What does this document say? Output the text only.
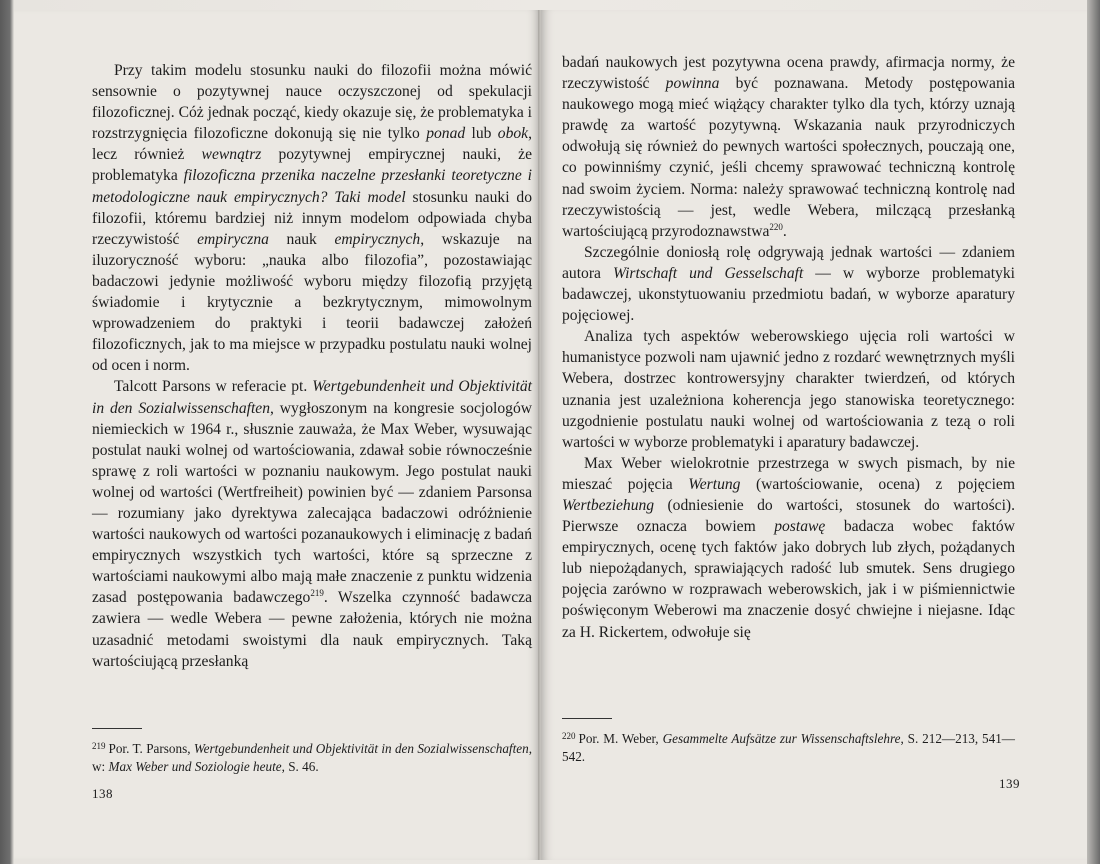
Przy takim modelu stosunku nauki do filozofii można mówić sensownie o pozytywnej nauce oczyszczonej od spekulacji filozoficznej. Cóż jednak począć, kiedy okazuje się, że problematyka i rozstrzygnięcia filozoficzne dokonują się nie tylko ponad lub obok, lecz również wewnątrz pozytywnej empirycznej nauki, że problematyka filozoficzna przenika naczelne przesłanki teoretyczne i metodologiczne nauk empirycznych? Taki model stosunku nauki do filozofii, któremu bardziej niż innym modelom odpowiada chyba rzeczywistość empiryczna nauk empirycznych, wskazuje na iluzoryczność wyboru: „nauka albo filozofia”, pozostawiając badaczowi jedynie możliwość wyboru między filozofią przyjętą świadomie i krytycznie a bezkrytycznym, mimowolnym wprowadzeniem do praktyki i teorii badawczej założeń filozoficznych, jak to ma miejsce w przypadku postulatu nauki wolnej od ocen i norm.

Talcott Parsons w referacie pt. Wertgebundenheit und Objektivität in den Sozialwissenschaften, wygłoszonym na kongresie socjologów niemieckich w 1964 r., słusznie zauważa, że Max Weber, wysuwając postulat nauki wolnej od wartościowania, zdawał sobie równocześnie sprawę z roli wartości w poznaniu naukowym. Jego postulat nauki wolnej od wartości (Wertfreiheit) powinien być — zdaniem Parsonsa — rozumiany jako dyrektywa zalecająca badaczowi odróżnienie wartości naukowych od wartości pozanaukowych i eliminację z badań empirycznych wszystkich tych wartości, które są sprzeczne z wartościami naukowymi albo mają małe znaczenie z punktu widzenia zasad postępowania badawczego$^{219}$. Wszelka czynność badawcza zawiera — wedle Webera — pewne założenia, których nie można uzasadnić metodami swoistymi dla nauk empirycznych. Taką wartościującą przesłanką

$^{219}$ Por. T. Parsons, Wertgebundenheit und Objektivität in den Sozialwissenschaften, w: Max Weber und Soziologie heute, S. 46.
138

badań naukowych jest pozytywna ocena prawdy, afirmacja normy, że rzeczywistość powinna być poznawana. Metody postępowania naukowego mogą mieć wiążący charakter tylko dla tych, którzy uznają prawdę za wartość pozytywną. Wskazania nauk przyrodniczych odwołują się również do pewnych wartości społecznych, pouczają one, co powinniśmy czynić, jeśli chcemy sprawować techniczną kontrolę nad swoim życiem. Norma: należy sprawować techniczną kontrolę nad rzeczywistością — jest, wedle Webera, milczącą przesłanką wartościującą przyrodoznawstwa$^{220}$.

Szczególnie doniosłą rolę odgrywają jednak wartości — zdaniem autora Wirtschaft und Gesselschaft — w wyborze problematyki badawczej, ukonstytuowaniu przedmiotu badań, w wyborze aparatury pojęciowej.

Analiza tych aspektów weberowskiego ujęcia roli wartości w humanistyce pozwoli nam ujawnić jedno z rozdarć wewnętrznych myśli Webera, dostrzec kontrowersyjny charakter twierdzeń, od których uznania jest uzależniona koherencja jego stanowiska teoretycznego: uzgodnienie postulatu nauki wolnej od wartościowania z tezą o roli wartości w wyborze problematyki i aparatury badawczej.

Max Weber wielokrotnie przestrzega w swych pismach, by nie mieszać pojęcia Wertung (wartościowanie, ocena) z pojęciem Wertbeziehung (odniesienie do wartości, stosunek do wartości). Pierwsze oznacza bowiem postawę badacza wobec faktów empirycznych, ocenę tych faktów jako dobrych lub złych, pożądanych lub niepożądanych, sprawiających radość lub smutek. Sens drugiego pojęcia zarówno w rozprawach weberowskich, jak i w piśmiennictwie poświęconym Weberowi ma znaczenie dosyć chwiejne i niejasne. Idąc za H. Rickertem, odwołuje się

$^{220}$ Por. M. Weber, Gesammelte Aufsätze zur Wissenschaftslehre, S. 212—213, 541—542.
139
